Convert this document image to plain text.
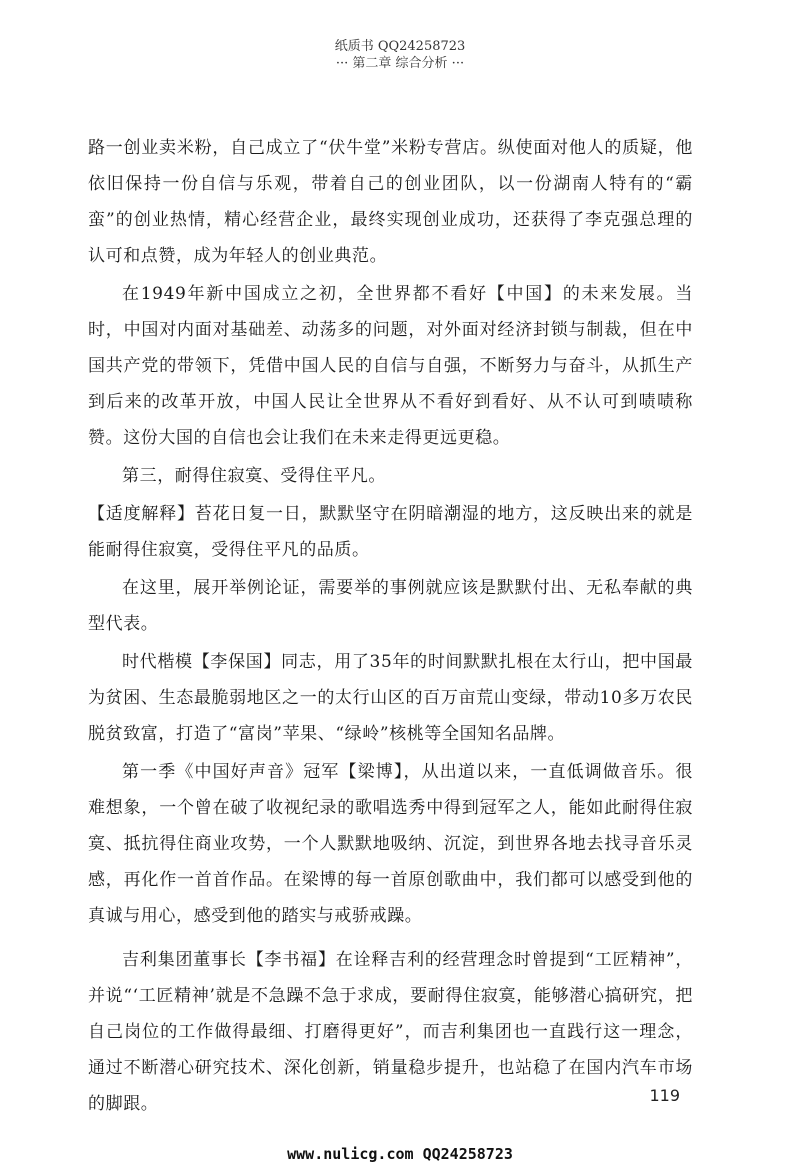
纸质书 QQ24258723
··· 第二章 综合分析 ···

路一创业卖米粉，自己成立了“伏牛堂”米粉专营店。纵使面对他人的质疑，他依旧保持一份自信与乐观，带着自己的创业团队，以一份湖南人特有的“霸蛮”的创业热情，精心经营企业，最终实现创业成功，还获得了李克强总理的认可和点赞，成为年轻人的创业典范。

在1949年新中国成立之初，全世界都不看好【中国】的未来发展。当时，中国对内面对基础差、动荡多的问题，对外面对经济封锁与制裁，但在中国共产党的带领下，凭借中国人民的自信与自强，不断努力与奋斗，从抓生产到后来的改革开放，中国人民让全世界从不看好到看好、从不认可到啧啧称赞。这份大国的自信也会让我们在未来走得更远更稳。

第三，耐得住寂寞、受得住平凡。

【适度解释】苔花日复一日，默默坚守在阴暗潮湿的地方，这反映出来的就是能耐得住寂寞，受得住平凡的品质。

在这里，展开举例论证，需要举的事例就应该是默默付出、无私奉献的典型代表。

时代楷模【李保国】同志，用了35年的时间默默扎根在太行山，把中国最为贫困、生态最脆弱地区之一的太行山区的百万亩荒山变绿，带动10多万农民脱贫致富，打造了“富岗”苹果、“绿岭”核桃等全国知名品牌。

第一季《中国好声音》冠军【梁博】，从出道以来，一直低调做音乐。很难想象，一个曾在破了收视纪录的歌唱选秀中得到冠军之人，能如此耐得住寂寞、抵抗得住商业攻势，一个人默默地吸纳、沉淀，到世界各地去找寻音乐灵感，再化作一首首作品。在梁博的每一首原创歌曲中，我们都可以感受到他的真诚与用心，感受到他的踏实与戒骄戒躁。

吉利集团董事长【李书福】在诠释吉利的经营理念时曾提到“工匠精神”，并说“‘工匠精神’就是不急躁不急于求成，要耐得住寂寞，能够潜心搞研究，把自己岗位的工作做得最细、打磨得更好”，而吉利集团也一直践行这一理念，通过不断潜心研究技术、深化创新，销量稳步提升，也站稳了在国内汽车市场的脚跟。	119
www.nulicg.com QQ24258723
